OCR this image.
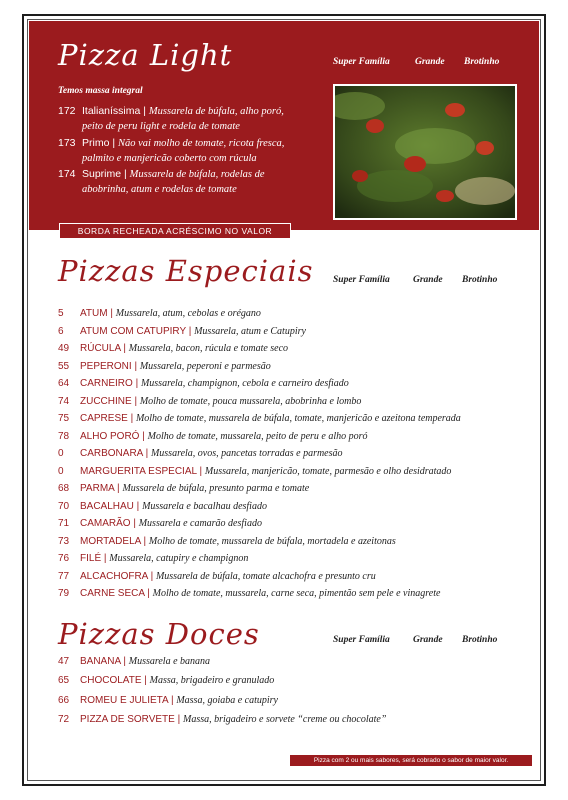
Pizza Light	Super Família	Grande Brotinho
Temos massa integral
172 Italianíssima | Mussarela de búfala, alho poró,
peito de peru light e rodela de tomate
173 Primo | Não vai molho de tomate, ricota fresca,
palmito e manjericão coberto com rúcula
174 Suprime | Mussarela de búfala, rodelas de
abobrinha, atum e rodelas de tomate
BORDA RECHEADA ACRÉSCIMO NO VALOR
Pizzas Especiais Super Família Grande Brotinho
5 ATUM | Mussarela, atum, cebolas e orégano
6 ATUM COM CATUPIRY | Mussarela, atum e Catupiry
49 RÚCULA | Mussarela, bacon, rúcula e tomate seco
55 PEPERONI | Mussarela, peperoni e parmesão
64 CARNEIRO | Mussarela, champignon, cebola e carneiro desfiado
74 ZUCCHINE | Molho de tomate, pouca mussarela, abobrinha e lombo
75 CAPRESE | Molho de tomate, mussarela de búfala, tomate, manjericão e azeitona temperada
78 ALHO PORÓ | Molho de tomate, mussarela, peito de peru e alho poró
0 CARBONARA | Mussarela, ovos, pancetas torradas e parmesão
0 MARGUERITA ESPECIAL | Mussarela, manjericão, tomate, parmesão e olho desidratado
68 PARMA | Mussarela de búfala, presunto parma e tomate
70 BACALHAU | Mussarela e bacalhau desfiado
71 CAMARÃO | Mussarela e camarão desfiado
73 MORTADELA | Molho de tomate, mussarela de búfala, mortadela e azeitonas
76 FILÉ | Mussarela, catupiry e champignon
77 ALCACHOFRA | Mussarela de búfala, tomate alcachofra e presunto cru
79 CARNE SECA | Molho de tomate, mussarela, carne seca, pimentão sem pele e vinagrete
Pizzas Doces	Super Família Grande Brotinho
47 BANANA | Mussarela e banana
65 CHOCOLATE | Massa, brigadeiro e granulado
66 ROMEU E JULIETA | Massa, goiaba e catupiry
72 PIZZA DE SORVETE | Massa, brigadeiro e sorvete “creme ou chocolate”
Pizza com 2 ou mais sabores, será cobrado o sabor de maior valor.
